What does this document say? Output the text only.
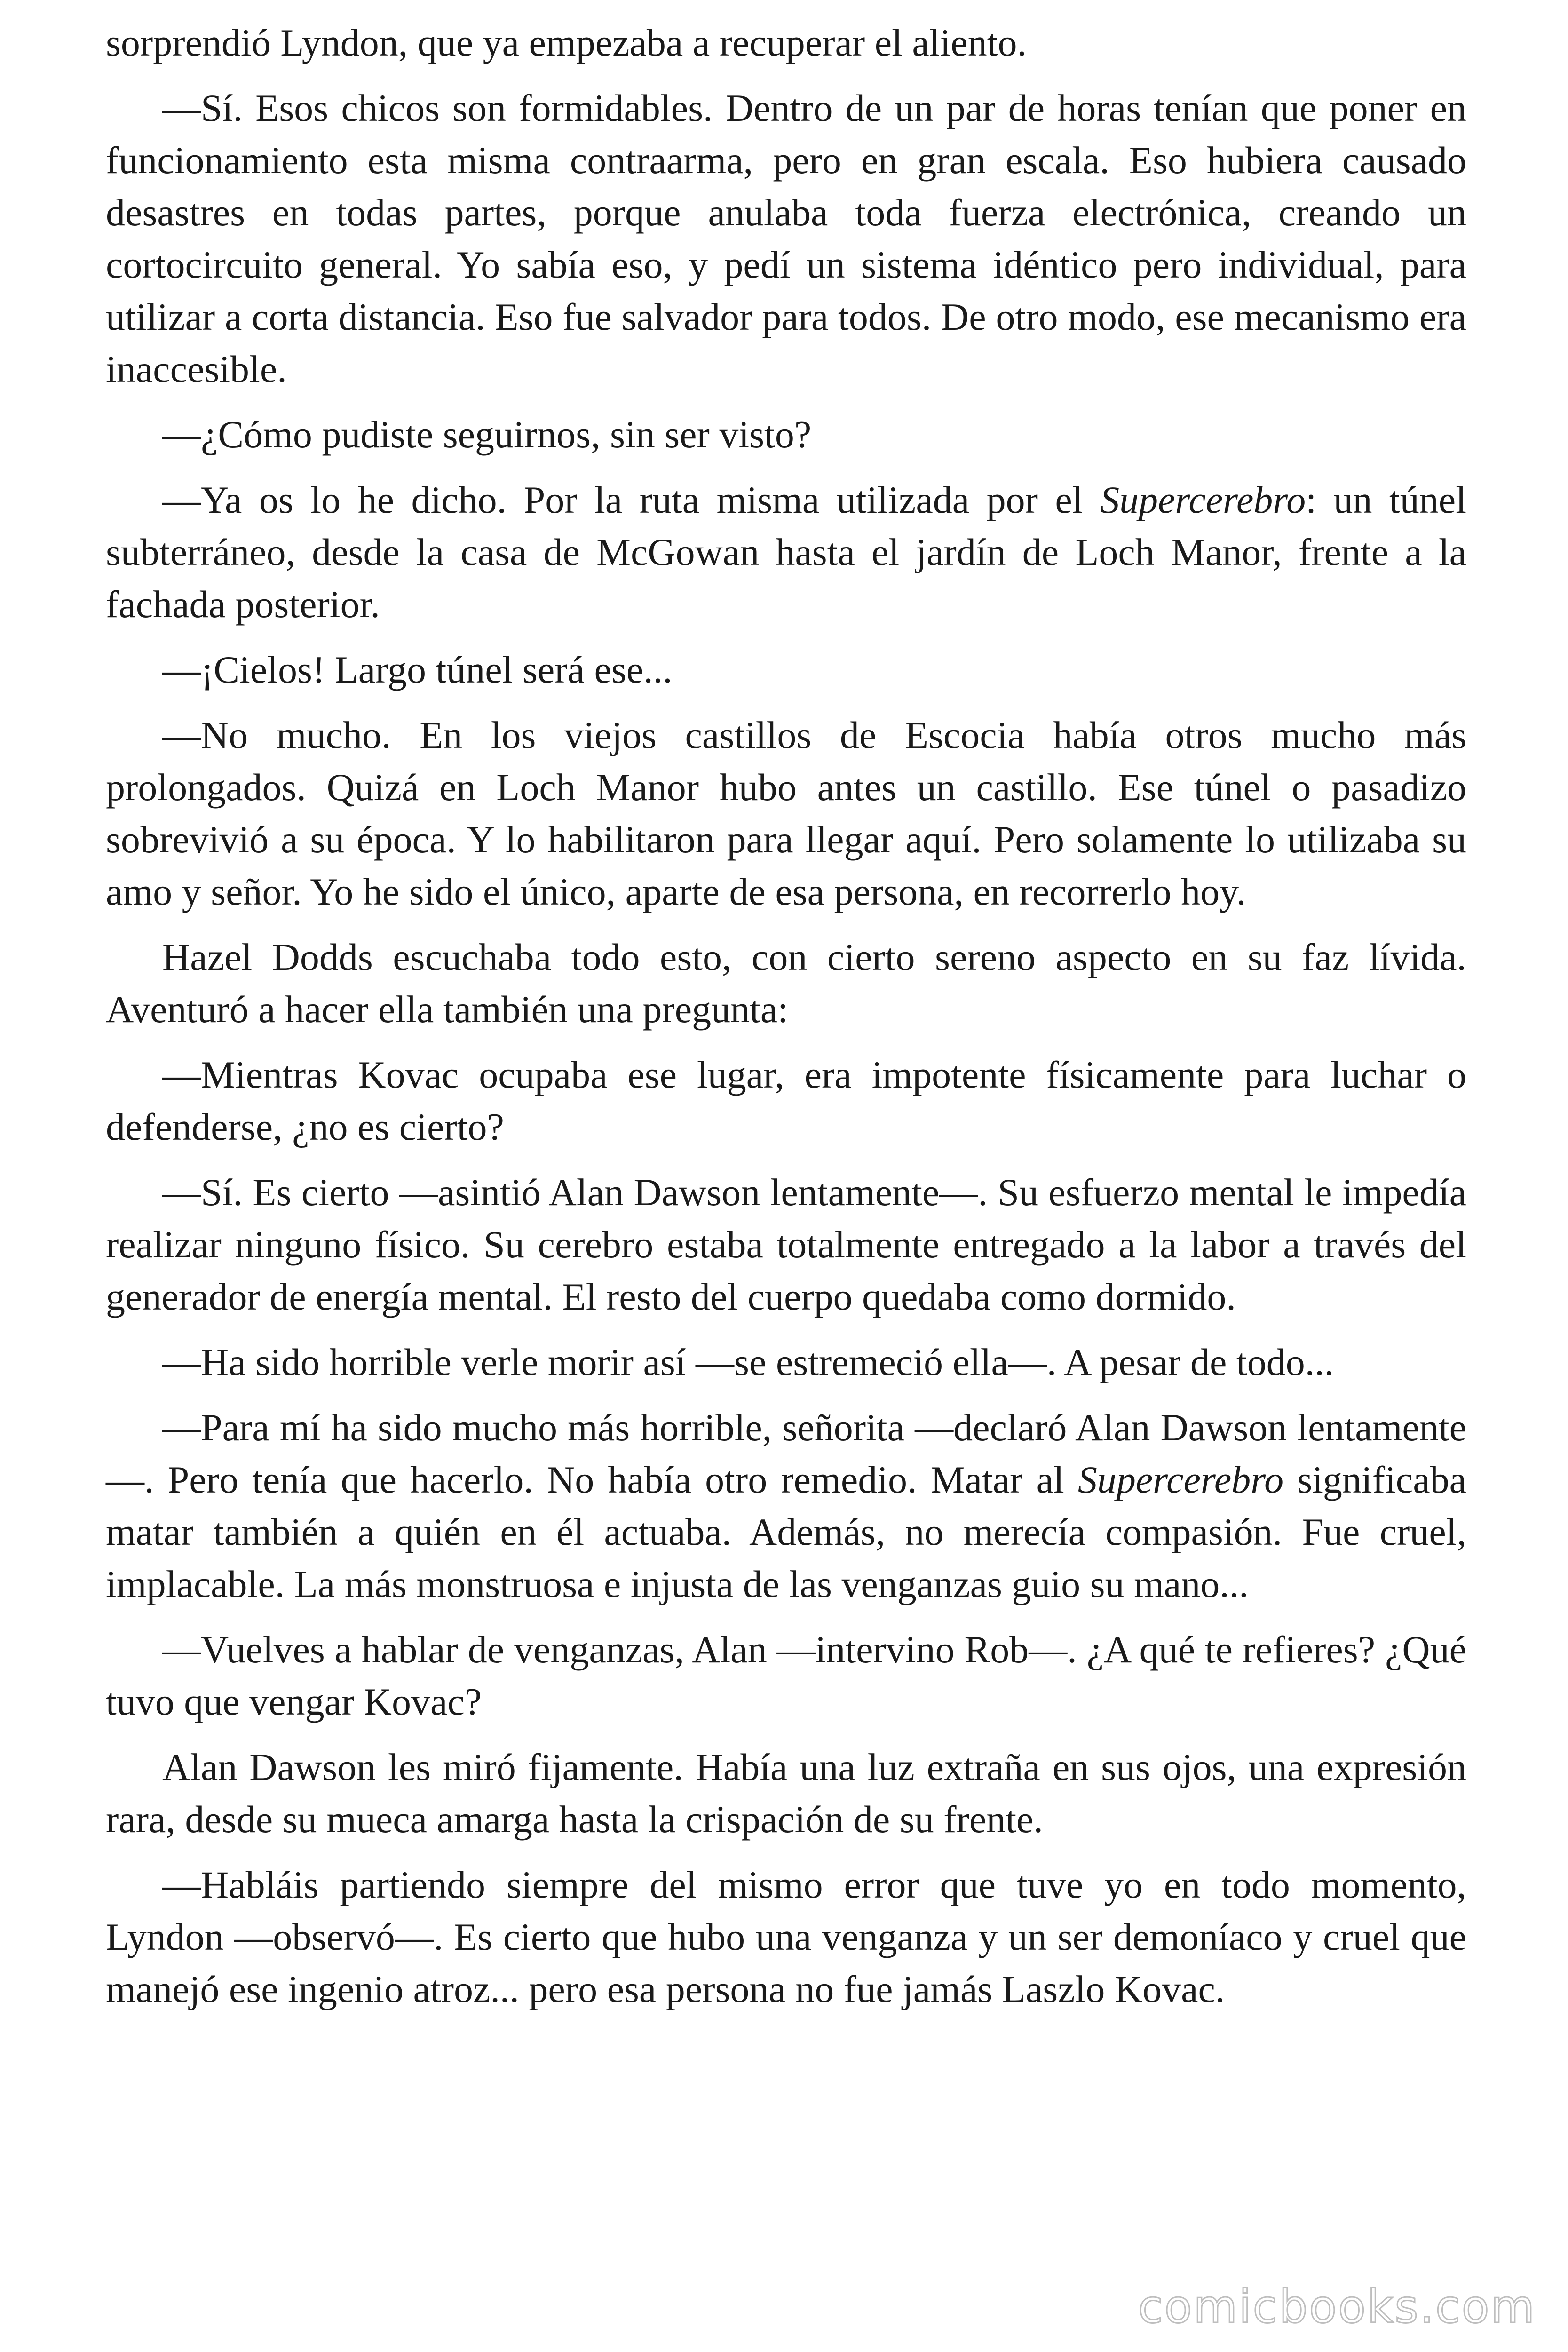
sorprendió Lyndon, que ya empezaba a recuperar el aliento.

—Sí. Esos chicos son formidables. Dentro de un par de horas tenían que poner en funcionamiento esta misma contraarma, pero en gran escala. Eso hubiera causado desastres en todas partes, porque anulaba toda fuerza electrónica, creando un cortocircuito general. Yo sabía eso, y pedí un sistema idéntico pero individual, para utilizar a corta distancia. Eso fue salvador para todos. De otro modo, ese mecanismo era inaccesible.

—¿Cómo pudiste seguirnos, sin ser visto?

—Ya os lo he dicho. Por la ruta misma utilizada por el Supercerebro: un túnel subterráneo, desde la casa de McGowan hasta el jardín de Loch Manor, frente a la fachada posterior.

—¡Cielos! Largo túnel será ese...

—No mucho. En los viejos castillos de Escocia había otros mucho más prolongados. Quizá en Loch Manor hubo antes un castillo. Ese túnel o pasadizo sobrevivió a su época. Y lo habilitaron para llegar aquí. Pero solamente lo utilizaba su amo y señor. Yo he sido el único, aparte de esa persona, en recorrerlo hoy.

Hazel Dodds escuchaba todo esto, con cierto sereno aspecto en su faz lívida. Aventuró a hacer ella también una pregunta:

—Mientras Kovac ocupaba ese lugar, era impotente físicamente para luchar o defenderse, ¿no es cierto?

—Sí. Es cierto —asintió Alan Dawson lentamente—. Su esfuerzo mental le impedía realizar ninguno físico. Su cerebro estaba totalmente entregado a la labor a través del generador de energía mental. El resto del cuerpo quedaba como dormido.

—Ha sido horrible verle morir así —se estremeció ella—. A pesar de todo...

—Para mí ha sido mucho más horrible, señorita —declaró Alan Dawson lentamente—. Pero tenía que hacerlo. No había otro remedio. Matar al Supercerebro significaba matar también a quién en él actuaba. Además, no merecía compasión. Fue cruel, implacable. La más monstruosa e injusta de las venganzas guio su mano...

—Vuelves a hablar de venganzas, Alan —intervino Rob—. ¿A qué te refieres? ¿Qué tuvo que vengar Kovac?

Alan Dawson les miró fijamente. Había una luz extraña en sus ojos, una expresión rara, desde su mueca amarga hasta la crispación de su frente.

—Habláis partiendo siempre del mismo error que tuve yo en todo momento, Lyndon —observó—. Es cierto que hubo una venganza y un ser demoníaco y cruel que manejó ese ingenio atroz... pero esa persona no fue jamás Laszlo Kovac.

comicbooks.com
